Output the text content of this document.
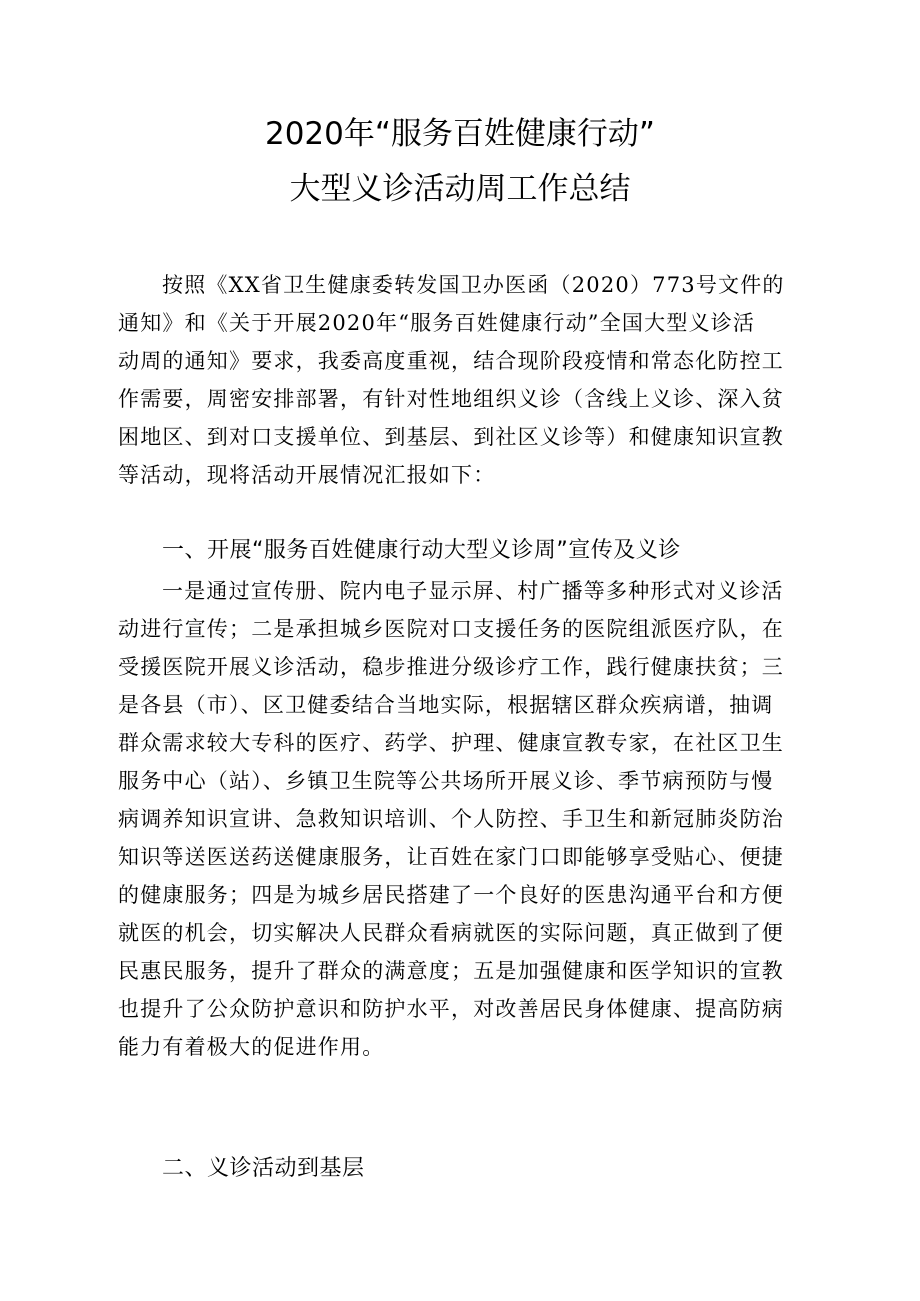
2020年“服务百姓健康行动”
大型义诊活动周工作总结
按照《XX省卫生健康委转发国卫办医函（2020）773号文件的
通知》和《关于开展2020年“服务百姓健康行动”全国大型义诊活
动周的通知》要求，我委高度重视，结合现阶段疫情和常态化防控工
作需要，周密安排部署，有针对性地组织义诊（含线上义诊、深入贫
困地区、到对口支援单位、到基层、到社区义诊等）和健康知识宣教
等活动，现将活动开展情况汇报如下：
一、开展“服务百姓健康行动大型义诊周”宣传及义诊
一是通过宣传册、院内电子显示屏、村广播等多种形式对义诊活
动进行宣传；二是承担城乡医院对口支援任务的医院组派医疗队，在
受援医院开展义诊活动，稳步推进分级诊疗工作，践行健康扶贫；三
是各县（市）、区卫健委结合当地实际，根据辖区群众疾病谱，抽调
群众需求较大专科的医疗、药学、护理、健康宣教专家，在社区卫生
服务中心（站）、乡镇卫生院等公共场所开展义诊、季节病预防与慢
病调养知识宣讲、急救知识培训、个人防控、手卫生和新冠肺炎防治
知识等送医送药送健康服务，让百姓在家门口即能够享受贴心、便捷
的健康服务；四是为城乡居民搭建了一个良好的医患沟通平台和方便
就医的机会，切实解决人民群众看病就医的实际问题，真正做到了便
民惠民服务，提升了群众的满意度；五是加强健康和医学知识的宣教
也提升了公众防护意识和防护水平，对改善居民身体健康、提高防病
能力有着极大的促进作用。
二、义诊活动到基层
